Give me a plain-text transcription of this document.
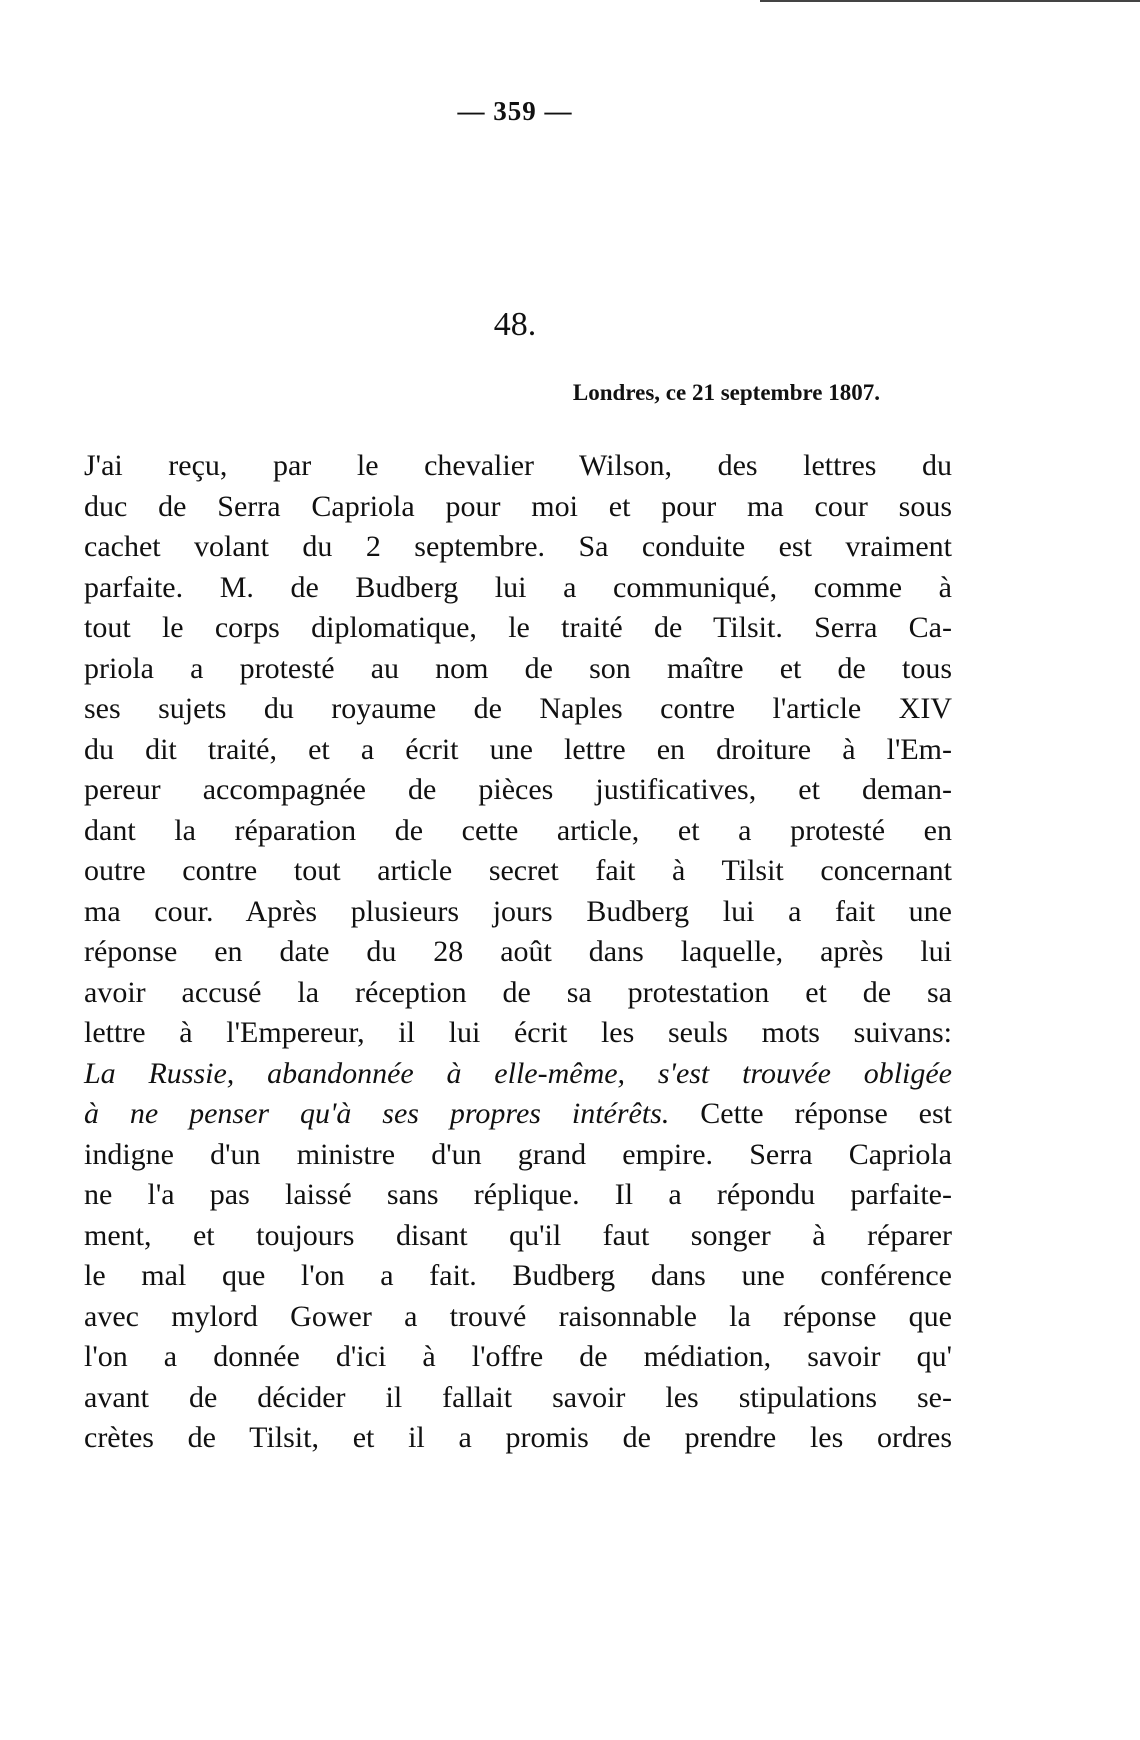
— 359 —
48.
Londres, ce 21 septembre 1807.
J'ai reçu, par le chevalier Wilson, des lettres du
duc de Serra Capriola pour moi et pour ma cour sous
cachet volant du 2 septembre. Sa conduite est vraiment
parfaite. M. de Budberg lui a communiqué, comme à
tout le corps diplomatique, le traité de Tilsit. Serra Ca-
priola a protesté au nom de son maître et de tous
ses sujets du royaume de Naples contre l'article XIV
du dit traité, et a écrit une lettre en droiture à l'Em-
pereur accompagnée de pièces justificatives, et deman-
dant la réparation de cette article, et a protesté en
outre contre tout article secret fait à Tilsit concernant
ma cour. Après plusieurs jours Budberg lui a fait une
réponse en date du 28 août dans laquelle, après lui
avoir accusé la réception de sa protestation et de sa
lettre à l'Empereur, il lui écrit les seuls mots suivans:
La Russie, abandonnée à elle-même, s'est trouvée obligée
à ne penser qu'à ses propres intérêts. Cette réponse est
indigne d'un ministre d'un grand empire. Serra Capriola
ne l'a pas laissé sans réplique. Il a répondu parfaite-
ment, et toujours disant qu'il faut songer à réparer
le mal que l'on a fait. Budberg dans une conférence
avec mylord Gower a trouvé raisonnable la réponse que
l'on a donnée d'ici à l'offre de médiation, savoir qu'
avant de décider il fallait savoir les stipulations se-
crètes de Tilsit, et il a promis de prendre les ordres
